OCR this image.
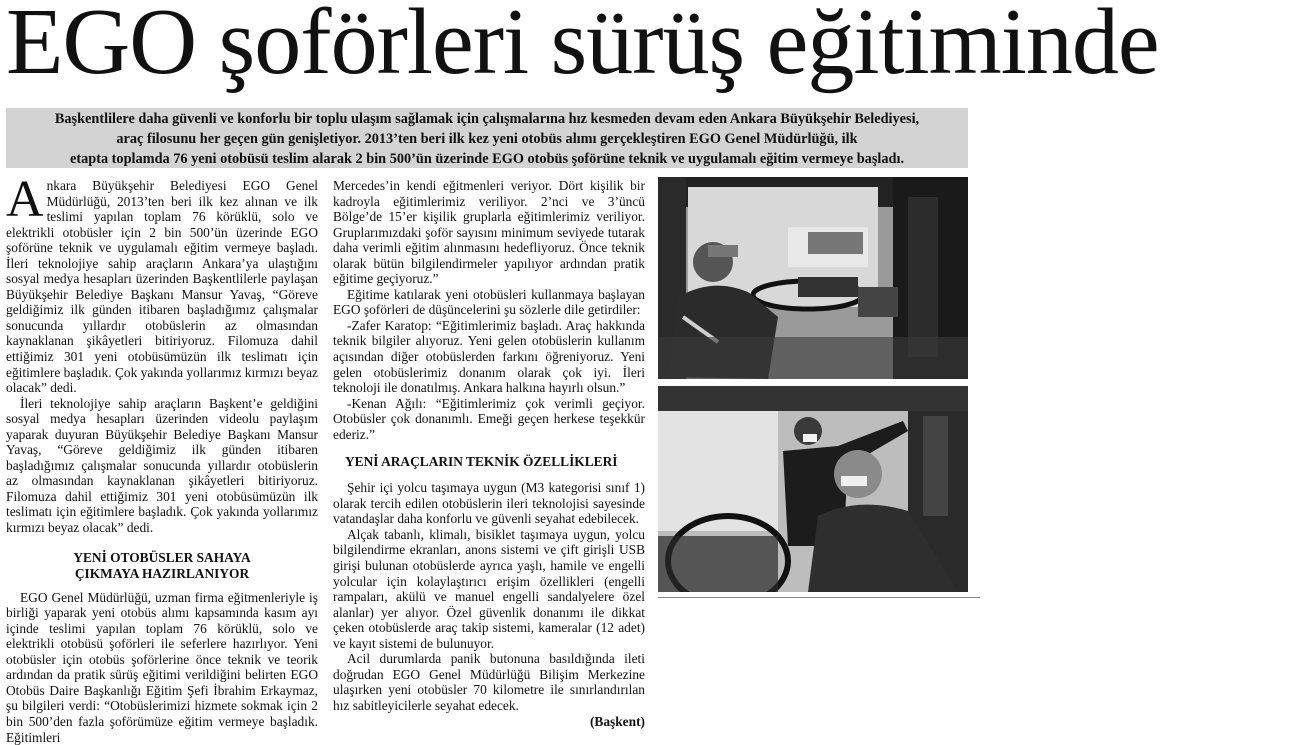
EGO şoförleri sürüş eğitiminde
Başkentlilere daha güvenli ve konforlu bir toplu ulaşım sağlamak için çalışmalarına hız kesmeden devam eden Ankara Büyükşehir Belediyesi,
araç filosunu her geçen gün genişletiyor. 2013’ten beri ilk kez yeni otobüs alımı gerçekleştiren EGO Genel Müdürlüğü, ilk
etapta toplamda 76 yeni otobüsü teslim alarak 2 bin 500’ün üzerinde EGO otobüs şoförüne teknik ve uygulamalı eğitim vermeye başladı.

Ankara Büyükşehir Belediyesi EGO Genel Müdürlüğü, 2013’ten beri ilk kez alınan ve ilk teslimi yapılan toplam 76 körüklü, solo ve elektrikli otobüsler için 2 bin 500’ün üzerinde EGO şoförüne teknik ve uygulamalı eğitim vermeye başladı. İleri teknolojiye sahip araçların Ankara’ya ulaştığını sosyal medya hesapları üzerinden Başkentlilerle paylaşan Büyükşehir Belediye Başkanı Mansur Yavaş, “Göreve geldiğimiz ilk günden itibaren başladığımız çalışmalar sonucunda yıllardır otobüslerin az olmasından kaynaklanan şikâyetleri bitiriyoruz. Filomuza dahil ettiğimiz 301 yeni otobüsümüzün ilk teslimatı için eğitimlere başladık. Çok yakında yollarımız kırmızı beyaz olacak” dedi.

İleri teknolojiye sahip araçların Başkent’e geldiğini sosyal medya hesapları üzerinden videolu paylaşım yaparak duyuran Büyükşehir Belediye Başkanı Mansur Yavaş, “Göreve geldiğimiz ilk günden itibaren başladığımız çalışmalar sonucunda yıllardır otobüslerin az olmasından kaynaklanan şikâyetleri bitiriyoruz. Filomuza dahil ettiğimiz 301 yeni otobüsümüzün ilk teslimatı için eğitimlere başladık. Çok yakında yollarımız kırmızı beyaz olacak” dedi.

YENİ OTOBÜSLER SAHAYA
ÇIKMAYA HAZIRLANIYOR

EGO Genel Müdürlüğü, uzman firma eğitmenleriyle iş birliği yaparak yeni otobüs alımı kapsamında kasım ayı içinde teslimi yapılan toplam 76 körüklü, solo ve elektrikli otobüsü şoförleri ile seferlere hazırlıyor. Yeni otobüsler için otobüs şoförlerine önce teknik ve teorik ardından da pratik sürüş eğitimi verildiğini belirten EGO Otobüs Daire Başkanlığı Eğitim Şefi İbrahim Erkaymaz, şu bilgileri verdi: “Otobüslerimizi hizmete sokmak için 2 bin 500’den fazla şoförümüze eğitim vermeye başladık. Eğitimleri

Mercedes’in kendi eğitmenleri veriyor. Dört kişilik bir kadroyla eğitimlerimiz veriliyor. 2’nci ve 3’üncü Bölge’de 15’er kişilik gruplarla eğitimlerimiz veriliyor. Gruplarımızdaki şoför sayısını minimum seviyede tutarak daha verimli eğitim alınmasını hedefliyoruz. Önce teknik olarak bütün bilgilendirmeler yapılıyor ardından pratik eğitime geçiyoruz.”

Eğitime katılarak yeni otobüsleri kullanmaya başlayan EGO şoförleri de düşüncelerini şu sözlerle dile getirdiler:

-Zafer Karatop: “Eğitimlerimiz başladı. Araç hakkında teknik bilgiler alıyoruz. Yeni gelen otobüslerin kullanım açısından diğer otobüslerden farkını öğreniyoruz. Yeni gelen otobüslerimiz donanım olarak çok iyi. İleri teknoloji ile donatılmış. Ankara halkına hayırlı olsun.”

-Kenan Ağılı: “Eğitimlerimiz çok verimli geçiyor. Otobüsler çok donanımlı. Emeği geçen herkese teşekkür ederiz.”

YENİ ARAÇLARIN TEKNİK ÖZELLİKLERİ

Şehir içi yolcu taşımaya uygun (M3 kategorisi sınıf 1) olarak tercih edilen otobüslerin ileri teknolojisi sayesinde vatandaşlar daha konforlu ve güvenli seyahat edebilecek.

Alçak tabanlı, klimalı, bisiklet taşımaya uygun, yolcu bilgilendirme ekranları, anons sistemi ve çift girişli USB girişi bulunan otobüslerde ayrıca yaşlı, hamile ve engelli yolcular için kolaylaştırıcı erişim özellikleri (engelli rampaları, akülü ve manuel engelli sandalyelere özel alanlar) yer alıyor. Özel güvenlik donanımı ile dikkat çeken otobüslerde araç takip sistemi, kameralar (12 adet) ve kayıt sistemi de bulunuyor.

Acil durumlarda panik butonuna basıldığında ileti doğrudan EGO Genel Müdürlüğü Bilişim Merkezine ulaşırken yeni otobüsler 70 kilometre ile sınırlandırılan hız sabitleyicilerle seyahat edecek.

(Başkent)
